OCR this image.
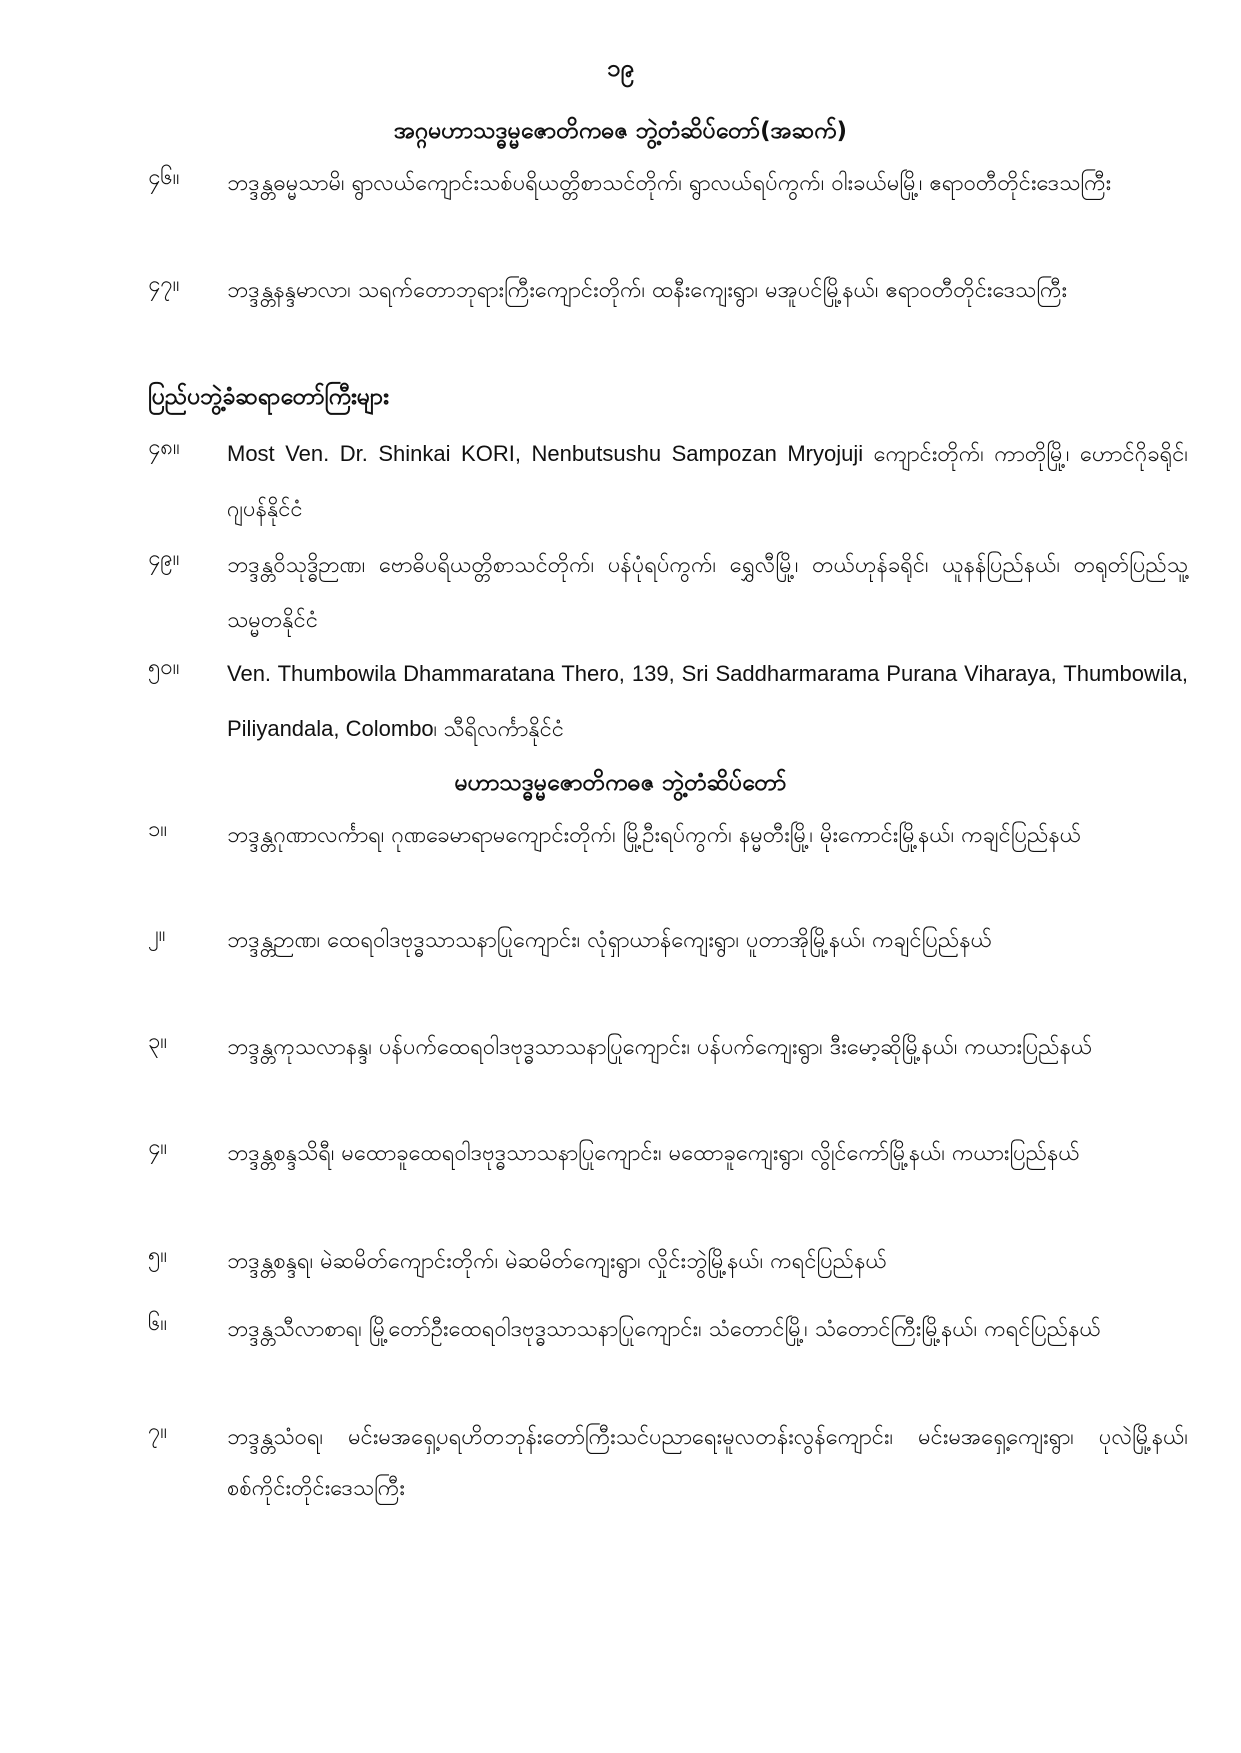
၁၉
အဂ္ဂမဟာသဒ္ဓမ္မဇောတိကဓဇ ဘွဲ့တံဆိပ်တော်(အဆက်)
၄၆။	ဘဒ္ဒန္တဓမ္မသာမိ၊ ရွာလယ်ကျောင်းသစ်ပရိယတ္တိစာသင်တိုက်၊ ရွာလယ်ရပ်ကွက်၊ ဝါးခယ်မမြို့၊ ဧရာဝတီတိုင်းဒေသကြီး
၄၇။	ဘဒ္ဒန္တနန္ဒမာလာ၊ သရက်တောဘုရားကြီးကျောင်းတိုက်၊ ထနီးကျေးရွာ၊ မအူပင်မြို့နယ်၊ ဧရာဝတီတိုင်းဒေသကြီး
ပြည်ပဘွဲ့ခံဆရာတော်ကြီးများ
၄၈။	Most Ven. Dr. Shinkai KORI, Nenbutsushu Sampozan Mryojuji ကျောင်းတိုက်၊ ကာတိုမြို့၊ ဟောင်ဂိုခရိုင်၊ ဂျပန်နိုင်ငံ
၄၉။	ဘဒ္ဒန္တဝိသုဒ္ဓိဉာဏ၊ ဗောဓိပရိယတ္တိစာသင်တိုက်၊ ပန်ပုံရပ်ကွက်၊ ရွှေလီမြို့၊ တယ်ဟုန်ခရိုင်၊ ယူနန်ပြည်နယ်၊ တရုတ်ပြည်သူ့သမ္မတနိုင်ငံ
၅၀။	Ven. Thumbowila Dhammaratana Thero, 139, Sri Saddharmarama Purana Viharaya, Thumbowila, Piliyandala, Colombo၊ သီရိလင်္ကာနိုင်ငံ
မဟာသဒ္ဓမ္မဇောတိကဓဇ ဘွဲ့တံဆိပ်တော်
၁။	ဘဒ္ဒန္တဂုဏာလင်္ကာရ၊ ဂုဏခေမာရာမကျောင်းတိုက်၊ မြို့ဦးရပ်ကွက်၊ နမ္မတီးမြို့၊ မိုးကောင်းမြို့နယ်၊ ကချင်ပြည်နယ်
၂။	ဘဒ္ဒန္တဉာဏ၊ ထေရဝါဒဗုဒ္ဓသာသနာပြုကျောင်း၊ လုံရှာယာန်ကျေးရွာ၊ ပူတာအိုမြို့နယ်၊ ကချင်ပြည်နယ်
၃။	ဘဒ္ဒန္တကုသလာနန္ဒ၊ ပန်ပက်ထေရဝါဒဗုဒ္ဓသာသနာပြုကျောင်း၊ ပန်ပက်ကျေးရွာ၊ ဒီးမော့ဆိုမြို့နယ်၊ ကယားပြည်နယ်
၄။	ဘဒ္ဒန္တစန္ဒသိရီ၊ မထောခူထေရဝါဒဗုဒ္ဓသာသနာပြုကျောင်း၊ မထောခူကျေးရွာ၊ လွိုင်ကော်မြို့နယ်၊ ကယားပြည်နယ်
၅။	ဘဒ္ဒန္တစန္ဒရ၊ မဲဆမိတ်ကျောင်းတိုက်၊ မဲဆမိတ်ကျေးရွာ၊ လှိုင်းဘွဲမြို့နယ်၊ ကရင်ပြည်နယ်
၆။	ဘဒ္ဒန္တသီလာစာရ၊ မြို့တော်ဦးထေရဝါဒဗုဒ္ဓသာသနာပြုကျောင်း၊ သံတောင်မြို့၊ သံတောင်ကြီးမြို့နယ်၊ ကရင်ပြည်နယ်
၇။	ဘဒ္ဒန္တသံဝရ၊ မင်းမအရှေ့ပရဟိတဘုန်းတော်ကြီးသင်ပညာရေးမူလတန်းလွန်ကျောင်း၊ မင်းမအရှေ့ကျေးရွာ၊ ပုလဲမြို့နယ်၊ စစ်ကိုင်းတိုင်းဒေသကြီး
